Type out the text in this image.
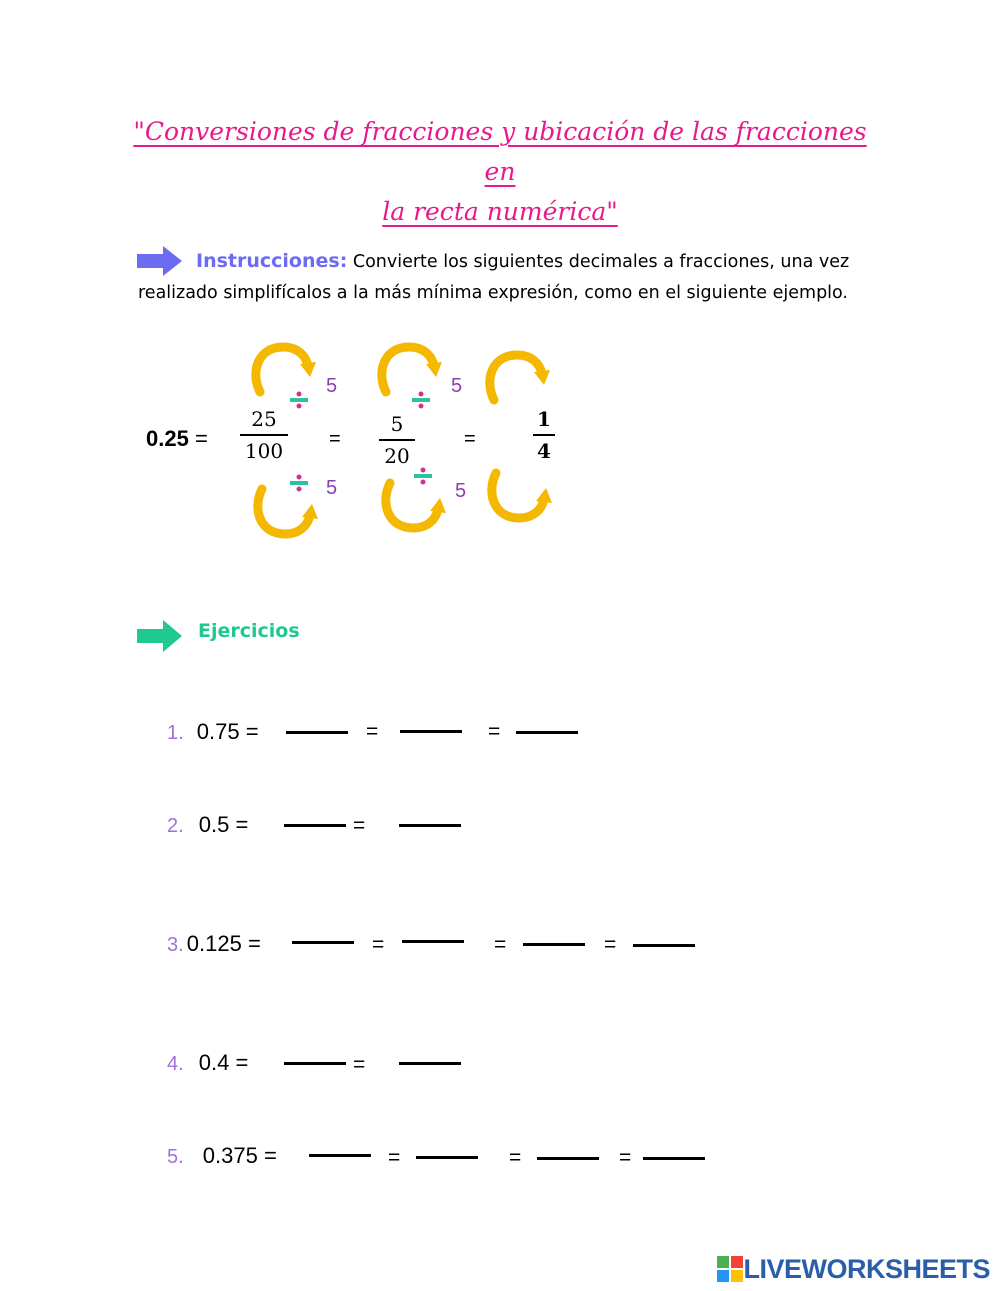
"Conversiones de fracciones y ubicación de las fracciones en
la recta numérica"
Instrucciones: Convierte los siguientes decimales a fracciones, una vez realizado simplifícalos a la más mínima expresión, como en el siguiente ejemplo.
0.25 =
25
100 =
5
20
=
1
4
5	5
5	5
Ejercicios
1. 0.75 =	=	=
2. 0.5 =	=
3. 0.125 =	=	=	=
4. 0.4 =	=
5. 0.375 =	=	=	=
LIVEWORKSHEETS
